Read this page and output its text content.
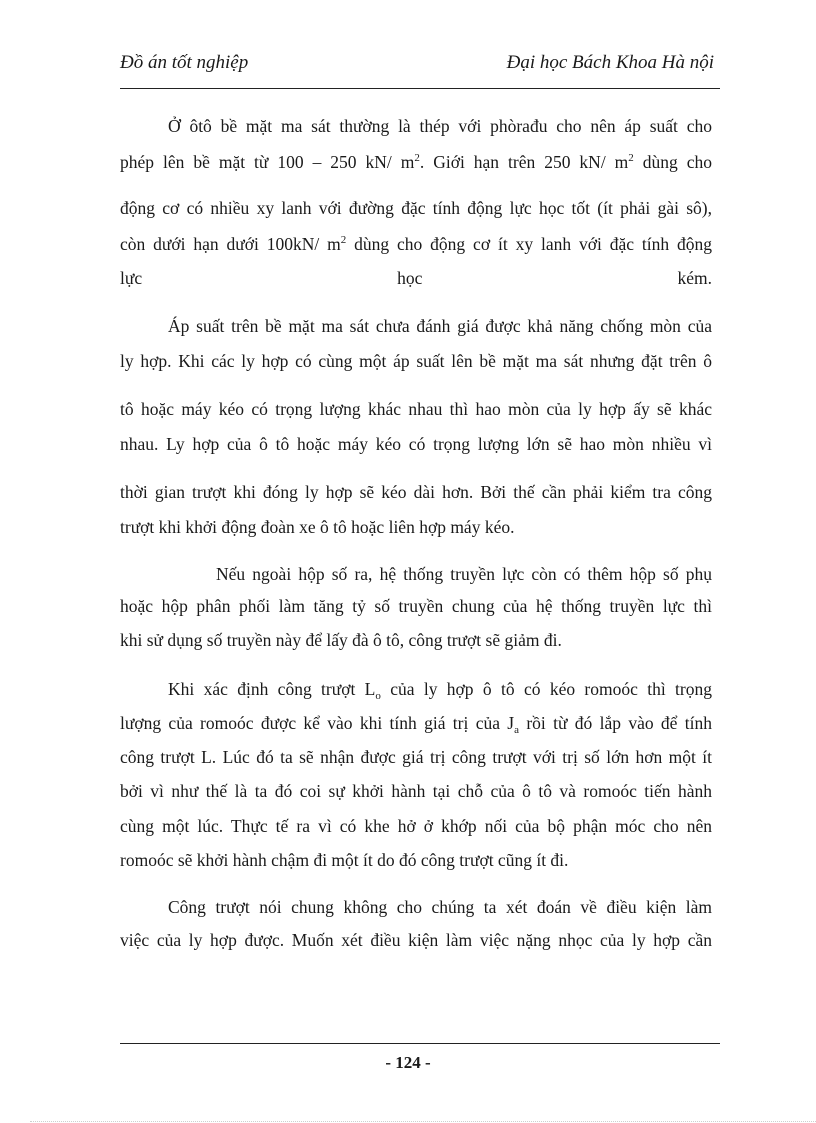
Đồ án tốt nghiệp	Đại học Bách Khoa Hà nội
Ở ôtô bề mặt ma sát thường là thép với phòrađu cho nên áp suất cho
phép lên bề mặt từ 100 – 250 kN/ $m^2$. Giới hạn trên 250 kN/ $m^2$ dùng cho
động cơ có nhiều xy lanh với đường đặc tính động lực học tốt (ít phải gài sô),
còn dưới hạn dưới 100kN/ $m^2$ dùng cho động cơ ít xy lanh với đặc tính động
lực	học	kém.
Áp suất trên bề mặt ma sát chưa đánh giá được khả năng chống mòn của
ly hợp. Khi các ly hợp có cùng một áp suất lên bề mặt ma sát nhưng đặt trên ô
tô hoặc máy kéo có trọng lượng khác nhau thì hao mòn của ly hợp ấy sẽ khác
nhau. Ly hợp của ô tô hoặc máy kéo có trọng lượng lớn sẽ hao mòn nhiều vì
thời gian trượt khi đóng ly hợp sẽ kéo dài hơn. Bởi thế cần phải kiểm tra công
trượt khi khởi động đoàn xe ô tô hoặc liên hợp máy kéo.
Nếu ngoài hộp số ra, hệ thống truyền lực còn có thêm hộp số phụ
hoặc hộp phân phối làm tăng tỷ số truyền chung của hệ thống truyền lực thì
khi sử dụng số truyền này để lấy đà ô tô, công trượt sẽ giảm đi.
Khi xác định công trượt $L_o$ của ly hợp ô tô có kéo romoóc thì trọng
lượng của romoóc được kể vào khi tính giá trị của $J_a$ rồi từ đó lắp vào để tính
công trượt L. Lúc đó ta sẽ nhận được giá trị công trượt với trị số lớn hơn một ít
bởi vì như thế là ta đó coi sự khởi hành tại chỗ của ô tô và romoóc tiến hành
cùng một lúc. Thực tế ra vì có khe hở ở khớp nối của bộ phận móc cho nên
romoóc sẽ khởi hành chậm đi một ít do đó công trượt cũng ít đi.
Công trượt nói chung không cho chúng ta xét đoán về điều kiện làm
việc của ly hợp được. Muốn xét điều kiện làm việc nặng nhọc của ly hợp cần
- 124 -
